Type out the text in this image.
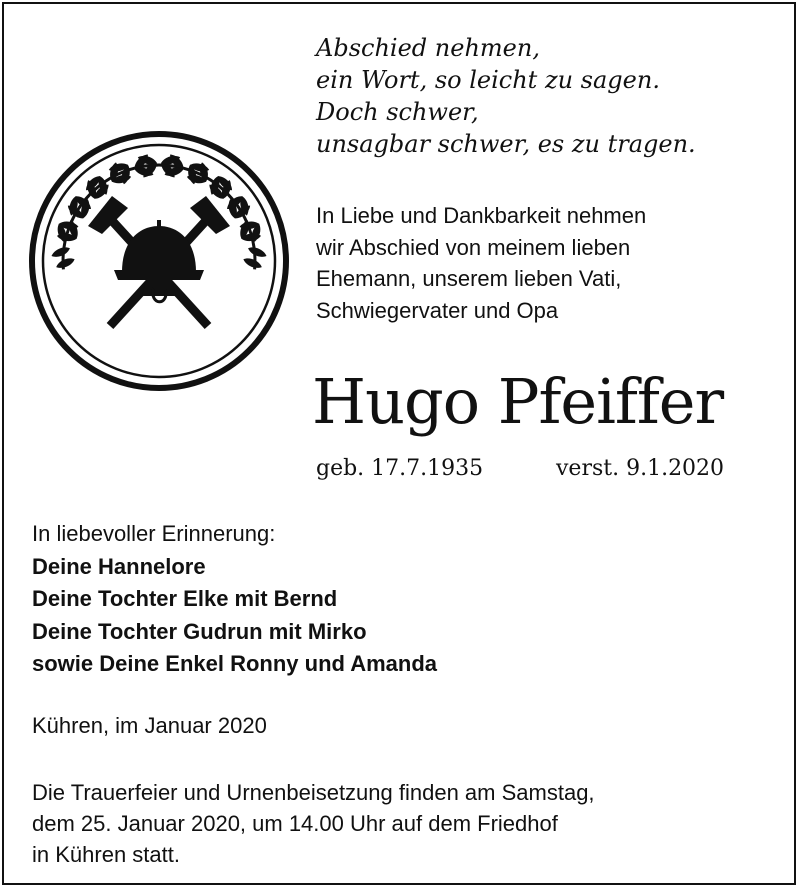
Abschied nehmen,
ein Wort, so leicht zu sagen.
Doch schwer,
unsagbar schwer, es zu tragen.
In Liebe und Dankbarkeit nehmen
wir Abschied von meinem lieben
Ehemann, unserem lieben Vati,
Schwiegervater und Opa
Hugo Pfeiffer
geb. 17.7.1935	verst. 9.1.2020
In liebevoller Erinnerung:
Deine Hannelore
Deine Tochter Elke mit Bernd
Deine Tochter Gudrun mit Mirko
sowie Deine Enkel Ronny und Amanda
Kühren, im Januar 2020
Die Trauerfeier und Urnenbeisetzung finden am Samstag,
dem 25. Januar 2020, um 14.00 Uhr auf dem Friedhof
in Kühren statt.
